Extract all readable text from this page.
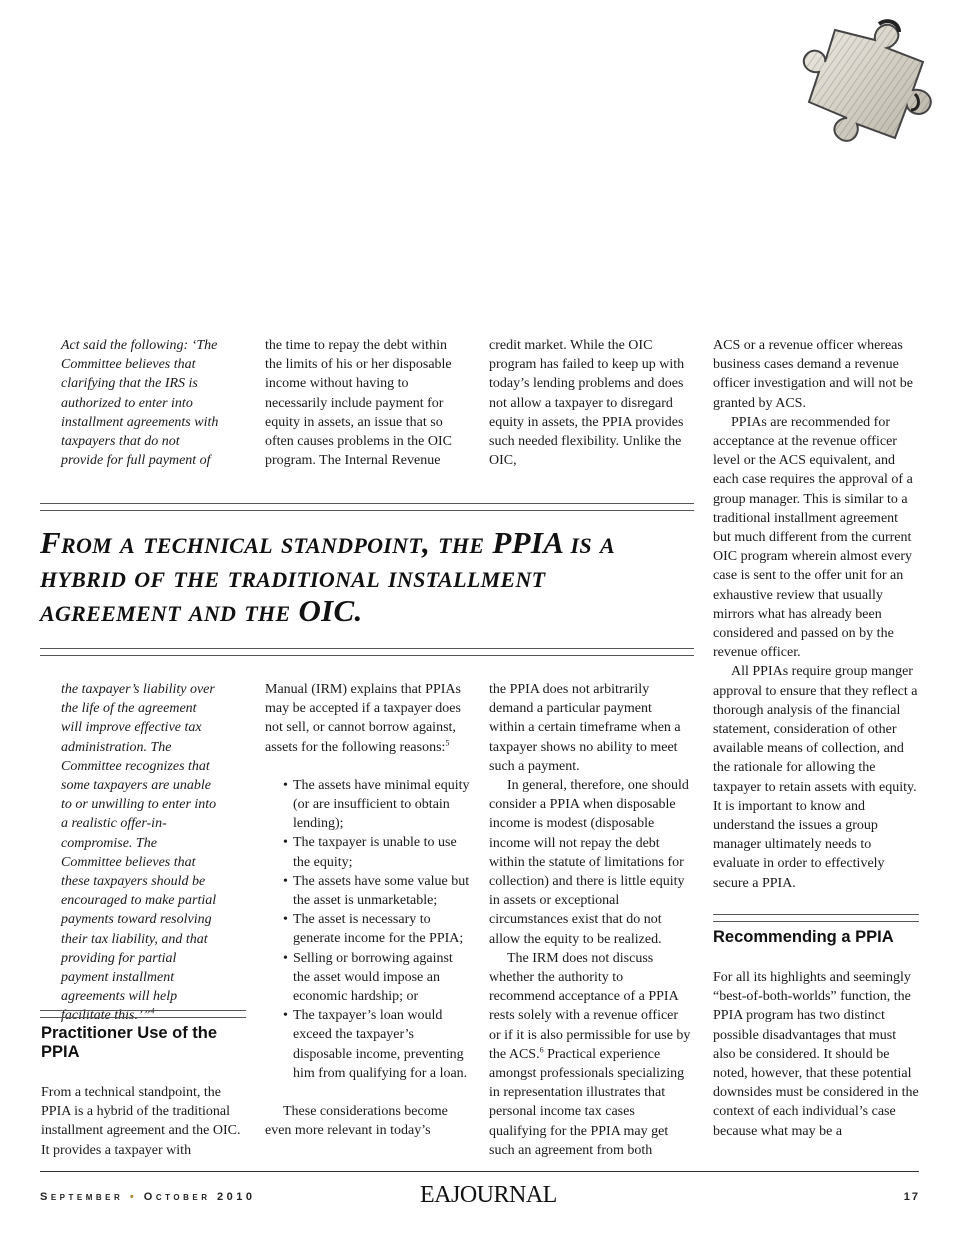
Act said the following: ‘The Committee believes that clarifying that the IRS is authorized to enter into installment agreements with taxpayers that do not provide for full payment of

the time to repay the debt within the limits of his or her disposable income without having to necessarily include payment for equity in assets, an issue that so often causes problems in the OIC program. The Internal Revenue

credit market. While the OIC program has failed to keep up with today’s lending problems and does not allow a taxpayer to disregard equity in assets, the PPIA provides such needed flexibility. Unlike the OIC,

From a technical standpoint, the PPIA is a hybrid of the traditional installment agreement and the OIC.

the taxpayer’s liability over the life of the agreement will improve effective tax administration. The Committee recognizes that some taxpayers are unable to or unwilling to enter into a realistic offer-in-compromise. The Committee believes that these taxpayers should be encouraged to make partial payments toward resolving their tax liability, and that providing for partial payment installment agreements will help facilitate this.’”$^4$

Practitioner Use of the PPIA

From a technical standpoint, the PPIA is a hybrid of the traditional installment agreement and the OIC. It provides a taxpayer with

Manual (IRM) explains that PPIAs may be accepted if a taxpayer does not sell, or cannot borrow against, assets for the following reasons:$^5$

• The assets have minimal equity (or are insufficient to obtain lending);
• The taxpayer is unable to use the equity;
• The assets have some value but the asset is unmarketable;
• The asset is necessary to generate income for the PPIA;
• Selling or borrowing against the asset would impose an economic hardship; or
• The taxpayer’s loan would exceed the taxpayer’s disposable income, preventing him from qualifying for a loan.

These considerations become even more relevant in today’s

the PPIA does not arbitrarily demand a particular payment within a certain timeframe when a taxpayer shows no ability to meet such a payment.

In general, therefore, one should consider a PPIA when disposable income is modest (disposable income will not repay the debt within the statute of limitations for collection) and there is little equity in assets or exceptional circumstances exist that do not allow the equity to be realized.

The IRM does not discuss whether the authority to recommend acceptance of a PPIA rests solely with a revenue officer or if it is also permissible for use by the ACS.$^6$ Practical experience amongst professionals specializing in representation illustrates that personal income tax cases qualifying for the PPIA may get such an agreement from both

ACS or a revenue officer whereas business cases demand a revenue officer investigation and will not be granted by ACS.

PPIAs are recommended for acceptance at the revenue officer level or the ACS equivalent, and each case requires the approval of a group manager. This is similar to a traditional installment agreement but much different from the current OIC program wherein almost every case is sent to the offer unit for an exhaustive review that usually mirrors what has already been considered and passed on by the revenue officer.

All PPIAs require group manger approval to ensure that they reflect a thorough analysis of the financial statement, consideration of other available means of collection, and the rationale for allowing the taxpayer to retain assets with equity. It is important to know and understand the issues a group manager ultimately needs to evaluate in order to effectively secure a PPIA.

Recommending a PPIA

For all its highlights and seemingly “best-of-both-worlds” function, the PPIA program has two distinct possible disadvantages that must also be considered. It should be noted, however, that these potential downsides must be considered in the context of each individual’s case because what may be a

September • October 2010	EAJOURNAL	17
